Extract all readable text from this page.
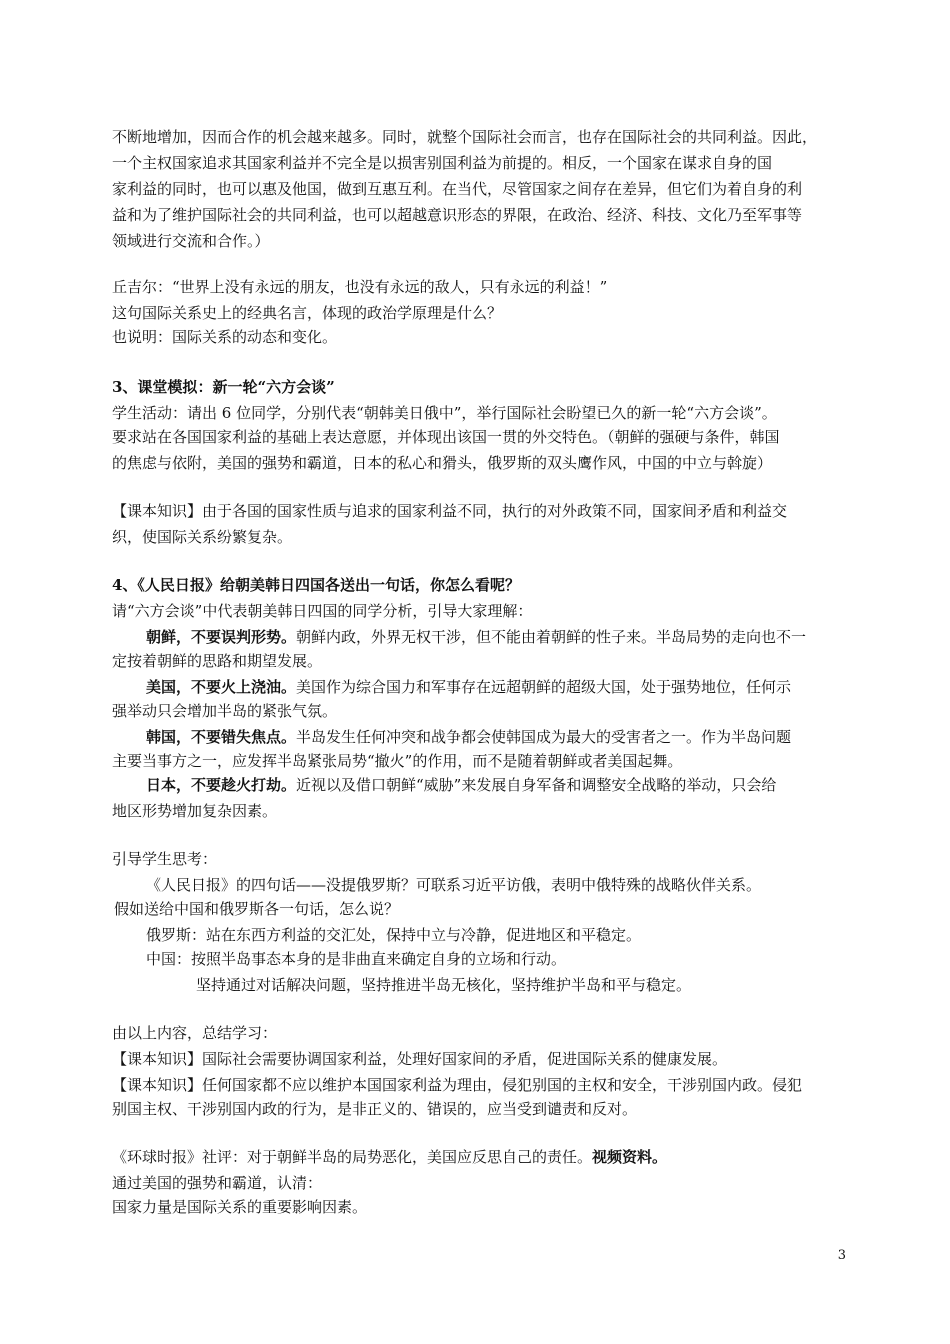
不断地增加，因而合作的机会越来越多。同时，就整个国际社会而言，也存在国际社会的共同利益。因此，
一个主权国家追求其国家利益并不完全是以损害别国利益为前提的。相反，一个国家在谋求自身的国
家利益的同时，也可以惠及他国，做到互惠互利。在当代，尽管国家之间存在差异，但它们为着自身的利
益和为了维护国际社会的共同利益，也可以超越意识形态的界限，在政治、经济、科技、文化乃至军事等
领域进行交流和合作。）
丘吉尔：“世界上没有永远的朋友，也没有永远的敌人，只有永远的利益！”
这句国际关系史上的经典名言，体现的政治学原理是什么？
也说明：国际关系的动态和变化。
3、课堂模拟：新一轮“六方会谈”
学生活动：请出 6 位同学，分别代表“朝韩美日俄中”，举行国际社会盼望已久的新一轮“六方会谈”。
要求站在各国国家利益的基础上表达意愿，并体现出该国一贯的外交特色。（朝鲜的强硬与条件，韩国
的焦虑与依附，美国的强势和霸道，日本的私心和猾头，俄罗斯的双头鹰作风，中国的中立与斡旋）
【课本知识】由于各国的国家性质与追求的国家利益不同，执行的对外政策不同，国家间矛盾和利益交
织，使国际关系纷繁复杂。
4、《人民日报》给朝美韩日四国各送出一句话，你怎么看呢？
请“六方会谈”中代表朝美韩日四国的同学分析，引导大家理解：
朝鲜，不要误判形势。朝鲜内政，外界无权干涉，但不能由着朝鲜的性子来。半岛局势的走向也不一
定按着朝鲜的思路和期望发展。
美国，不要火上浇油。美国作为综合国力和军事存在远超朝鲜的超级大国，处于强势地位，任何示
强举动只会增加半岛的紧张气氛。
韩国，不要错失焦点。半岛发生任何冲突和战争都会使韩国成为最大的受害者之一。作为半岛问题
主要当事方之一，应发挥半岛紧张局势“撤火”的作用，而不是随着朝鲜或者美国起舞。
日本，不要趁火打劫。近视以及借口朝鲜“威胁”来发展自身军备和调整安全战略的举动，只会给
地区形势增加复杂因素。
引导学生思考：
《人民日报》的四句话——没提俄罗斯？可联系习近平访俄，表明中俄特殊的战略伙伴关系。
假如送给中国和俄罗斯各一句话，怎么说？
俄罗斯：站在东西方利益的交汇处，保持中立与冷静，促进地区和平稳定。
中国：按照半岛事态本身的是非曲直来确定自身的立场和行动。
坚持通过对话解决问题，坚持推进半岛无核化，坚持维护半岛和平与稳定。
由以上内容，总结学习：
【课本知识】国际社会需要协调国家利益，处理好国家间的矛盾，促进国际关系的健康发展。
【课本知识】任何国家都不应以维护本国国家利益为理由，侵犯别国的主权和安全，干涉别国内政。侵犯
别国主权、干涉别国内政的行为，是非正义的、错误的，应当受到谴责和反对。
《环球时报》社评：对于朝鲜半岛的局势恶化，美国应反思自己的责任。视频资料。
通过美国的强势和霸道，认清：
国家力量是国际关系的重要影响因素。
3
